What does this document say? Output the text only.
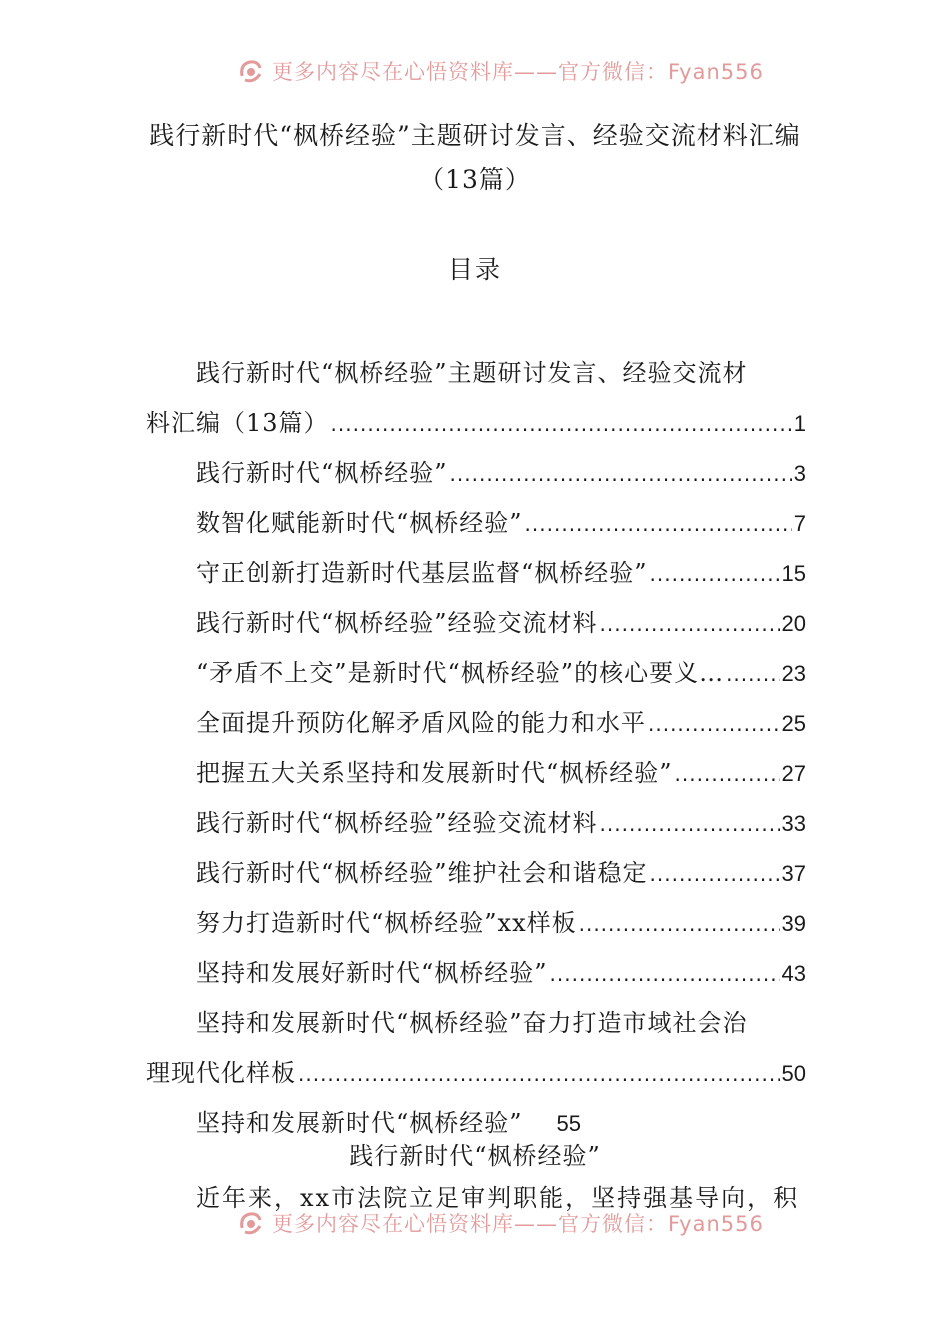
更多内容尽在心悟资料库——官方微信：Fyan556
践行新时代“枫桥经验”主题研讨发言、经验交流材料汇编（13篇）
目录
践行新时代“枫桥经验”主题研讨发言、经验交流材
料汇编（13篇） .....	1
践行新时代“枫桥经验” .....	3
数智化赋能新时代“枫桥经验” .....	7
守正创新打造新时代基层监督“枫桥经验” .....	15
践行新时代“枫桥经验”经验交流材料 .....	20
“矛盾不上交”是新时代“枫桥经验”的核心要义… .....	23
全面提升预防化解矛盾风险的能力和水平 .....	25
把握五大关系坚持和发展新时代“枫桥经验” .....	27
践行新时代“枫桥经验”经验交流材料 .....	33
践行新时代“枫桥经验”维护社会和谐稳定 .....	37
努力打造新时代“枫桥经验”xx样板 .....	39
坚持和发展好新时代“枫桥经验” .....	43
坚持和发展新时代“枫桥经验”奋力打造市域社会治
理现代化样板 .....	50
坚持和发展新时代“枫桥经验” 55
践行新时代“枫桥经验”
近年来，xx市法院立足审判职能，坚持强基导向，积
更多内容尽在心悟资料库——官方微信：Fyan556
